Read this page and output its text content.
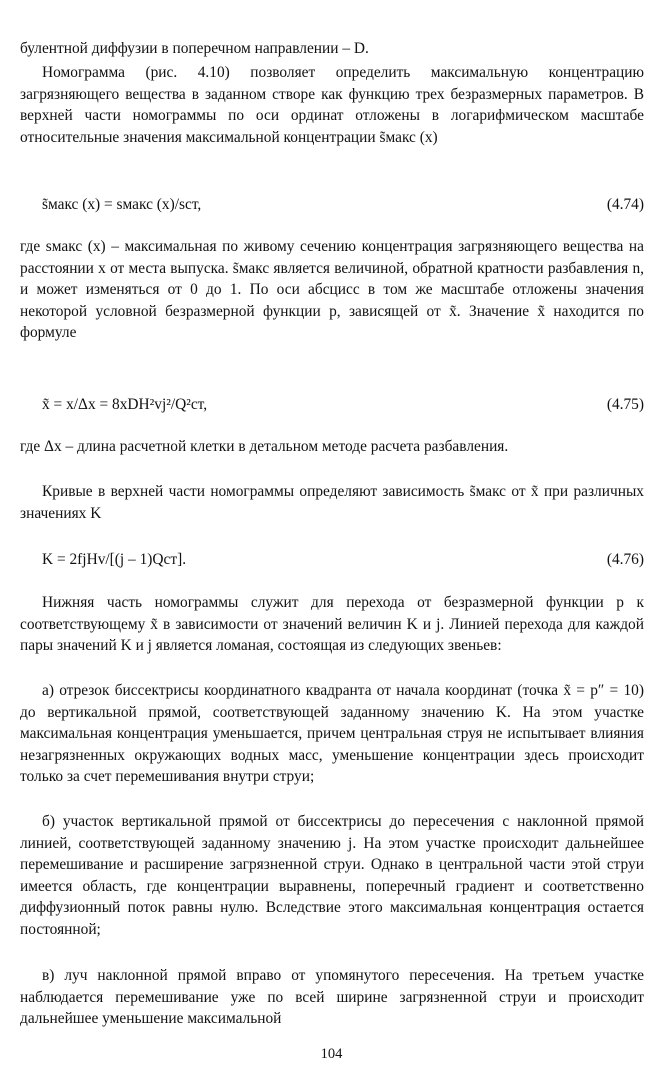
булентной диффузии в поперечном направлении – D.

Номограмма (рис. 4.10) позволяет определить максимальную концентрацию загрязняющего вещества в заданном створе как функцию трех безразмерных параметров. В верхней части номограммы по оси ординат отложены в логарифмическом масштабе относительные значения максимальной концентрации s̃макс (x)

s̃макс (x) = sмакс (x)/sст,	(4.74)

где sмакс (x) – максимальная по живому сечению концентрация загрязняющего вещества на расстоянии x от места выпуска. s̃макс является величиной, обратной кратности разбавления n, и может изменяться от 0 до 1. По оси абсцисс в том же масштабе отложены значения некоторой условной безразмерной функции p, зависящей от x̃. Значение x̃ находится по формуле

x̃ = x/Δx = 8xDH²vj²/Q²ст,	(4.75)

где Δx – длина расчетной клетки в детальном методе расчета разбавления.

Кривые в верхней части номограммы определяют зависимость s̃макс от x̃ при различных значениях K

K = 2fjHv/[(j – 1)Qст].	(4.76)

Нижняя часть номограммы служит для перехода от безразмерной функции p к соответствующему x̃ в зависимости от значений величин K и j. Линией перехода для каждой пары значений K и j является ломаная, состоящая из следующих звеньев:

а) отрезок биссектрисы координатного квадранта от начала координат (точка x̃ = p″ = 10) до вертикальной прямой, соответствующей заданному значению K. На этом участке максимальная концентрация уменьшается, причем центральная струя не испытывает влияния незагрязненных окружающих водных масс, уменьшение концентрации здесь происходит только за счет перемешивания внутри струи;

б) участок вертикальной прямой от биссектрисы до пересечения с наклонной прямой линией, соответствующей заданному значению j. На этом участке происходит дальнейшее перемешивание и расширение загрязненной струи. Однако в центральной части этой струи имеется область, где концентрации выравнены, поперечный градиент и соответственно диффузионный поток равны нулю. Вследствие этого максимальная концентрация остается постоянной;

в) луч наклонной прямой вправо от упомянутого пересечения. На третьем участке наблюдается перемешивание уже по всей ширине загрязненной струи и происходит дальнейшее уменьшение максимальной

104
